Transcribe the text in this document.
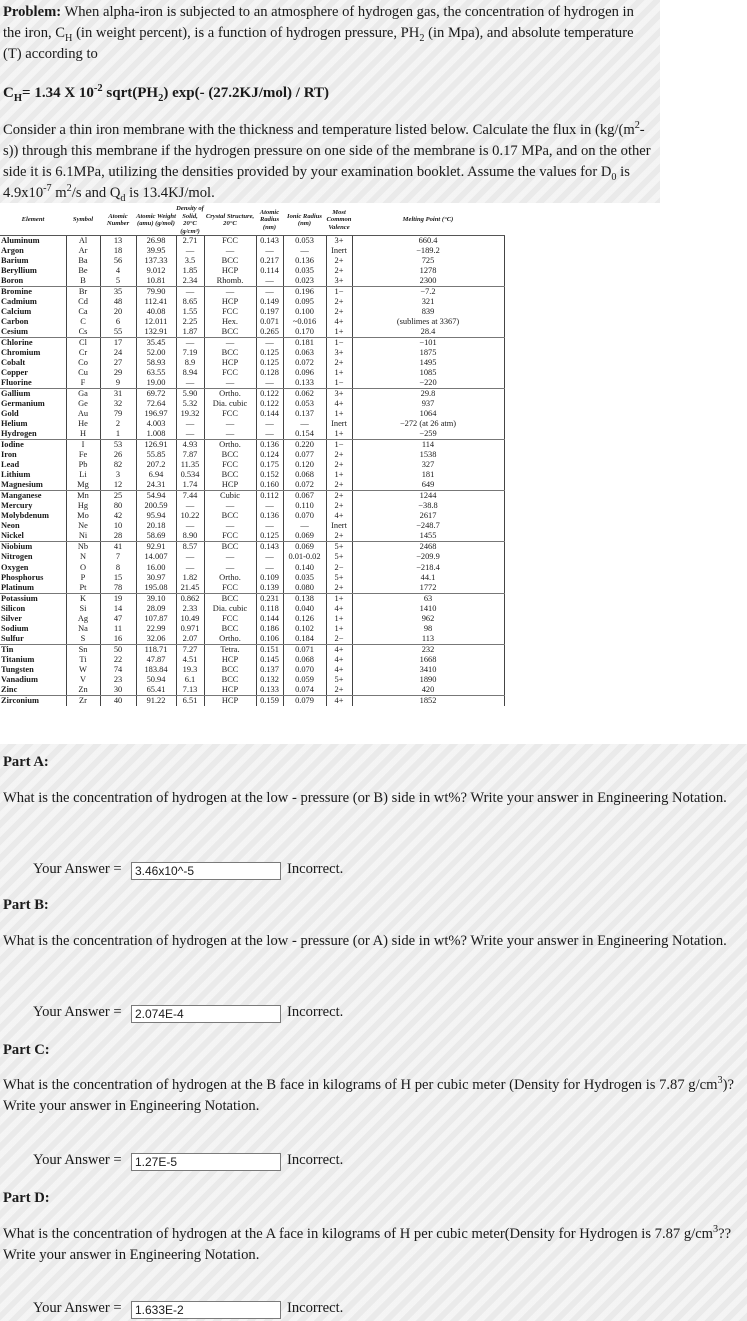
Problem: When alpha-iron is subjected to an atmosphere of hydrogen gas, the concentration of hydrogen in the iron, $C_H$ (in weight percent), is a function of hydrogen pressure, $PH_2$ (in Mpa), and absolute temperature (T) according to

$C_H= 1.34$ X $10^{-2}$ $sqrt(PH_2)$ exp(- (27.2KJ/mol) / RT)

Consider a thin iron membrane with the thickness and temperature listed below. Calculate the flux in $(kg/(m^2-s))$ through this membrane if the hydrogen pressure on one side of the membrane is 0.17 MPa, and on the other side it is 6.1MPa, utilizing the densities provided by your examination booklet. Assume the values for $D_0$ is $4.9x10^{-7}$ $m^2/s$ and $Q_d$ is 13.4KJ/mol.

Element	Symbol	Atomic Number	Atomic Weight (amu) (g/mol)	Density of Solid, 20°C (g/cm³)	Crystal Structure, 20°C	Atomic Radius (nm)	Ionic Radius (nm)	Most Common Valence	Melting Point (°C)
Aluminum	Al	13	26.98	2.71	FCC	0.143	0.053	3+	660.4
Argon	Ar	18	39.95	—	—	—	—	Inert	−189.2
Barium	Ba	56	137.33	3.5	BCC	0.217	0.136	2+	725
Beryllium	Be	4	9.012	1.85	HCP	0.114	0.035	2+	1278
Boron	B	5	10.81	2.34	Rhomb.	—	0.023	3+	2300
Bromine	Br	35	79.90	—	—	—	0.196	1−	−7.2
Cadmium	Cd	48	112.41	8.65	HCP	0.149	0.095	2+	321
Calcium	Ca	20	40.08	1.55	FCC	0.197	0.100	2+	839
Carbon	C	6	12.011	2.25	Hex.	0.071	~0.016	4+	(sublimes at 3367)
Cesium	Cs	55	132.91	1.87	BCC	0.265	0.170	1+	28.4
Chlorine	Cl	17	35.45	—	—	—	0.181	1−	−101
Chromium	Cr	24	52.00	7.19	BCC	0.125	0.063	3+	1875
Cobalt	Co	27	58.93	8.9	HCP	0.125	0.072	2+	1495
Copper	Cu	29	63.55	8.94	FCC	0.128	0.096	1+	1085
Fluorine	F	9	19.00	—	—	—	0.133	1−	−220
Gallium	Ga	31	69.72	5.90	Ortho.	0.122	0.062	3+	29.8
Germanium	Ge	32	72.64	5.32	Dia. cubic	0.122	0.053	4+	937
Gold	Au	79	196.97	19.32	FCC	0.144	0.137	1+	1064
Helium	He	2	4.003	—	—	—	—	Inert	−272 (at 26 atm)
Hydrogen	H	1	1.008	—	—	—	0.154	1+	−259
Iodine	I	53	126.91	4.93	Ortho.	0.136	0.220	1−	114
Iron	Fe	26	55.85	7.87	BCC	0.124	0.077	2+	1538
Lead	Pb	82	207.2	11.35	FCC	0.175	0.120	2+	327
Lithium	Li	3	6.94	0.534	BCC	0.152	0.068	1+	181
Magnesium	Mg	12	24.31	1.74	HCP	0.160	0.072	2+	649
Manganese	Mn	25	54.94	7.44	Cubic	0.112	0.067	2+	1244
Mercury	Hg	80	200.59	—	—	—	0.110	2+	−38.8
Molybdenum	Mo	42	95.94	10.22	BCC	0.136	0.070	4+	2617
Neon	Ne	10	20.18	—	—	—	—	Inert	−248.7
Nickel	Ni	28	58.69	8.90	FCC	0.125	0.069	2+	1455
Niobium	Nb	41	92.91	8.57	BCC	0.143	0.069	5+	2468
Nitrogen	N	7	14.007	—	—	—	0.01-0.02	5+	−209.9
Oxygen	O	8	16.00	—	—	—	0.140	2−	−218.4
Phosphorus	P	15	30.97	1.82	Ortho.	0.109	0.035	5+	44.1
Platinum	Pt	78	195.08	21.45	FCC	0.139	0.080	2+	1772
Potassium	K	19	39.10	0.862	BCC	0.231	0.138	1+	63
Silicon	Si	14	28.09	2.33	Dia. cubic	0.118	0.040	4+	1410
Silver	Ag	47	107.87	10.49	FCC	0.144	0.126	1+	962
Sodium	Na	11	22.99	0.971	BCC	0.186	0.102	1+	98
Sulfur	S	16	32.06	2.07	Ortho.	0.106	0.184	2−	113
Tin	Sn	50	118.71	7.27	Tetra.	0.151	0.071	4+	232
Titanium	Ti	22	47.87	4.51	HCP	0.145	0.068	4+	1668
Tungsten	W	74	183.84	19.3	BCC	0.137	0.070	4+	3410
Vanadium	V	23	50.94	6.1	BCC	0.132	0.059	5+	1890
Zinc	Zn	30	65.41	7.13	HCP	0.133	0.074	2+	420
Zirconium	Zr	40	91.22	6.51	HCP	0.159	0.079	4+	1852
Part A:

What is the concentration of hydrogen at the low - pressure (or B) side in wt%? Write your answer in Engineering Notation.

Your Answer =	3.46x10^-5	Incorrect.
Part B:

What is the concentration of hydrogen at the low - pressure (or A) side in wt%? Write your answer in Engineering Notation.

Your Answer =	2.074E-4	Incorrect.
Part C:

What is the concentration of hydrogen at the B face in kilograms of H per cubic meter (Density for Hydrogen is 7.87 $g/cm^3$)? Write your answer in Engineering Notation.

Your Answer =	1.27E-5	Incorrect.
Part D:

What is the concentration of hydrogen at the A face in kilograms of H per cubic meter(Density for Hydrogen is 7.87 $g/cm^3$?? Write your answer in Engineering Notation.

Your Answer =	1.633E-2	Incorrect.
